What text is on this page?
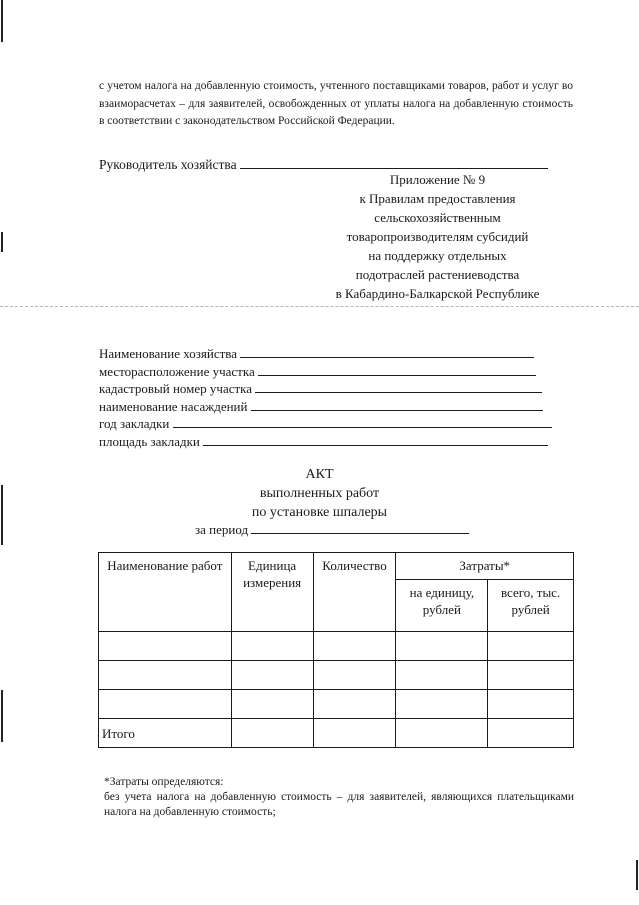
с учетом налога на добавленную стоимость, учтенного поставщиками товаров, работ и услуг во взаиморасчетах – для заявителей, освобожденных от уплаты налога на добавленную стоимость в соответствии с законодательством Российской Федерации.

Руководитель хозяйства
Приложение № 9
к Правилам предоставления
сельскохозяйственным
товаропроизводителям субсидий
на поддержку отдельных
подотраслей растениеводства
в Кабардино-Балкарской Республике
Наименование хозяйства
месторасположение участка
кадастровый номер участка
наименование насаждений
год закладки
площадь закладки
АКТ
выполненных работ
по установке шпалеры
за период
Наименование работ	Единица измерения	Количество	Затраты*	
			на единицу, рублей	всего, тыс. рублей

Итого				

*Затраты определяются:

без учета налога на добавленную стоимость – для заявителей, являющихся плательщиками налога на добавленную стоимость;
